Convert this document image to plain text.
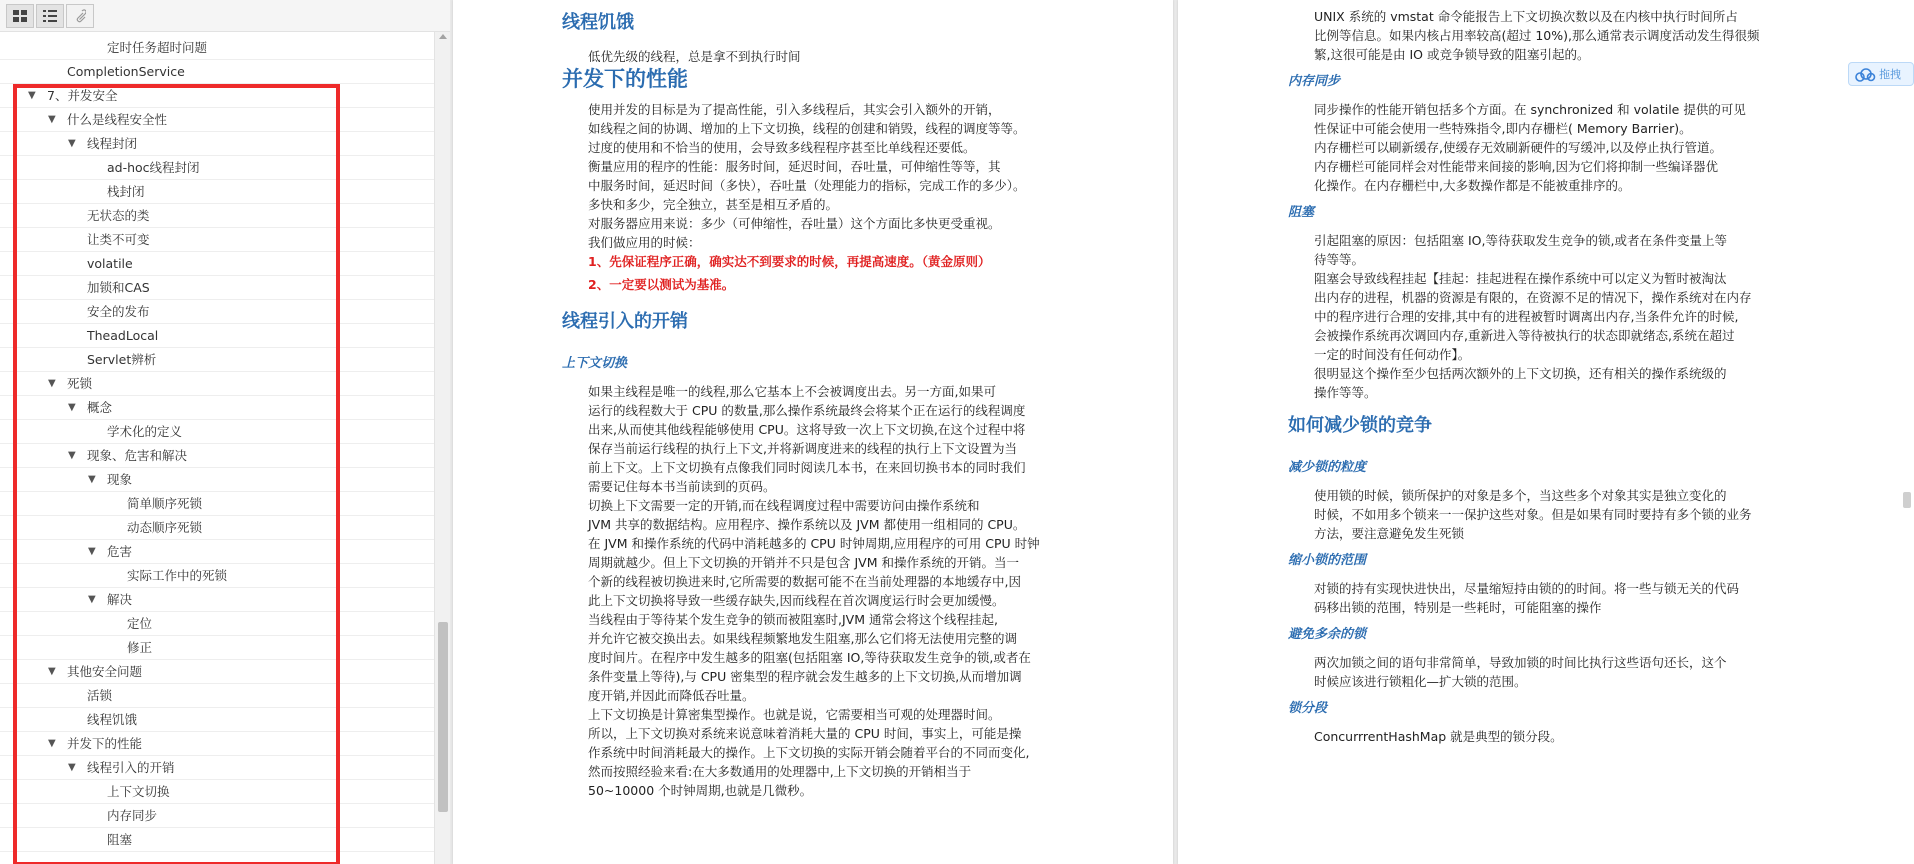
定时任务超时问题
CompletionService
▼ 7、并发安全
▼ 什么是线程安全性
▼ 线程封闭
ad-hoc线程封闭
栈封闭
无状态的类
让类不可变
volatile
加锁和CAS
安全的发布
TheadLocal
Servlet辨析
▼ 死锁
▼ 概念
学术化的定义
▼ 现象、危害和解决
▼ 现象
简单顺序死锁
动态顺序死锁
▼ 危害
实际工作中的死锁
▼ 解决
定位
修正
▼ 其他安全问题
活锁
线程饥饿
▼ 并发下的性能
▼ 线程引入的开销
上下文切换
内存同步
阻塞
线程饥饿
低优先级的线程，总是拿不到执行时间
并发下的性能
使用并发的目标是为了提高性能，引入多线程后，其实会引入额外的开销，
如线程之间的协调、增加的上下文切换，线程的创建和销毁，线程的调度等等。
过度的使用和不恰当的使用，会导致多线程程序甚至比单线程还要低。
衡量应用的程序的性能：服务时间，延迟时间，吞吐量，可伸缩性等等，其
中服务时间，延迟时间（多快），吞吐量（处理能力的指标，完成工作的多少）。
多快和多少，完全独立，甚至是相互矛盾的。
对服务器应用来说：多少（可伸缩性，吞吐量）这个方面比多快更受重视。
我们做应用的时候：
1、先保证程序正确，确实达不到要求的时候，再提高速度。（黄金原则）
2、一定要以测试为基准。
线程引入的开销
上下文切换
如果主线程是唯一的线程,那么它基本上不会被调度出去。另一方面,如果可
运行的线程数大于 CPU 的数量,那么操作系统最终会将某个正在运行的线程调度
出来,从而使其他线程能够使用 CPU。这将导致一次上下文切换,在这个过程中将
保存当前运行线程的执行上下文,并将新调度进来的线程的执行上下文设置为当
前上下文。上下文切换有点像我们同时阅读几本书，在来回切换书本的同时我们
需要记住每本书当前读到的页码。
切换上下文需要一定的开销,而在线程调度过程中需要访问由操作系统和
JVM 共享的数据结构。应用程序、操作系统以及 JVM 都使用一组相同的 CPU。
在 JVM 和操作系统的代码中消耗越多的 CPU 时钟周期,应用程序的可用 CPU 时钟
周期就越少。但上下文切换的开销并不只是包含 JVM 和操作系统的开销。当一
个新的线程被切换进来时,它所需要的数据可能不在当前处理器的本地缓存中,因
此上下文切换将导致一些缓存缺失,因而线程在首次调度运行时会更加缓慢。
当线程由于等待某个发生竞争的锁而被阻塞时,JVM 通常会将这个线程挂起,
并允许它被交换出去。如果线程频繁地发生阻塞,那么它们将无法使用完整的调
度时间片。在程序中发生越多的阻塞(包括阻塞 IO,等待获取发生竞争的锁,或者在
条件变量上等待),与 CPU 密集型的程序就会发生越多的上下文切换,从而增加调
度开销,并因此而降低吞吐量。
上下文切换是计算密集型操作。也就是说，它需要相当可观的处理器时间。
所以，上下文切换对系统来说意味着消耗大量的 CPU 时间，事实上，可能是操
作系统中时间消耗最大的操作。上下文切换的实际开销会随着平台的不同而变化,
然而按照经验来看:在大多数通用的处理器中,上下文切换的开销相当于
50~10000 个时钟周期,也就是几微秒。
UNIX 系统的 vmstat 命令能报告上下文切换次数以及在内核中执行时间所占
比例等信息。如果内核占用率较高(超过 10%),那么通常表示调度活动发生得很频
繁,这很可能是由 IO 或竞争锁导致的阻塞引起的。
内存同步
同步操作的性能开销包括多个方面。在 synchronized 和 volatile 提供的可见
性保证中可能会使用一些特殊指令,即内存栅栏( Memory Barrier)。
内存栅栏可以刷新缓存,使缓存无效刷新硬件的写缓冲,以及停止执行管道。
内存栅栏可能同样会对性能带来间接的影响,因为它们将抑制一些编译器优
化操作。在内存栅栏中,大多数操作都是不能被重排序的。
阻塞
引起阻塞的原因：包括阻塞 IO,等待获取发生竞争的锁,或者在条件变量上等
待等等。
阻塞会导致线程挂起【挂起：挂起进程在操作系统中可以定义为暂时被淘汰
出内存的进程，机器的资源是有限的，在资源不足的情况下，操作系统对在内存
中的程序进行合理的安排,其中有的进程被暂时调离出内存,当条件允许的时候,
会被操作系统再次调回内存,重新进入等待被执行的状态即就绪态,系统在超过
一定的时间没有任何动作】。
很明显这个操作至少包括两次额外的上下文切换，还有相关的操作系统级的
操作等等。
如何减少锁的竞争
减少锁的粒度
使用锁的时候，锁所保护的对象是多个，当这些多个对象其实是独立变化的
时候，不如用多个锁来一一保护这些对象。但是如果有同时要持有多个锁的业务
方法，要注意避免发生死锁
缩小锁的范围
对锁的持有实现快进快出，尽量缩短持由锁的的时间。将一些与锁无关的代码
码移出锁的范围，特别是一些耗时，可能阻塞的操作
避免多余的锁
两次加锁之间的语句非常简单，导致加锁的时间比执行这些语句还长，这个
时候应该进行锁粗化—扩大锁的范围。
锁分段
ConcurrrentHashMap 就是典型的锁分段。
拖拽
